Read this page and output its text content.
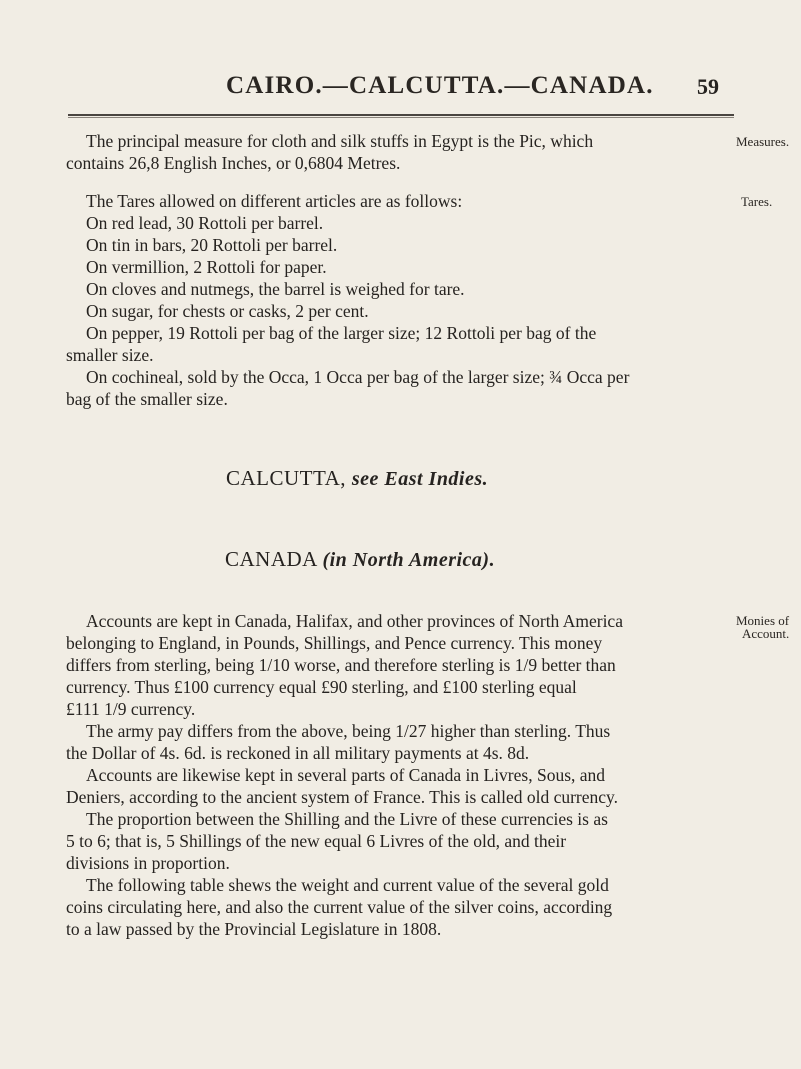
CAIRO.—CALCUTTA.—CANADA. 59
The principal measure for cloth and silk stuffs in Egypt is the Pic, which
contains 26,8 English Inches, or 0,6804 Metres.
Measures.
The Tares allowed on different articles are as follows:
On red lead, 30 Rottoli per barrel.
On tin in bars, 20 Rottoli per barrel.
On vermillion, 2 Rottoli for paper.
On cloves and nutmegs, the barrel is weighed for tare.
On sugar, for chests or casks, 2 per cent.
On pepper, 19 Rottoli per bag of the larger size; 12 Rottoli per bag of the
smaller size.
On cochineal, sold by the Occa, 1 Occa per bag of the larger size; ¾ Occa per
bag of the smaller size.
Tares.
CALCUTTA, see East Indies.
CANADA (in North America).
Accounts are kept in Canada, Halifax, and other provinces of North America
belonging to England, in Pounds, Shillings, and Pence currency. This money
differs from sterling, being 1/10 worse, and therefore sterling is 1/9 better than
currency. Thus £100 currency equal £90 sterling, and £100 sterling equal
£111 1/9 currency.
The army pay differs from the above, being 1/27 higher than sterling. Thus
the Dollar of 4s. 6d. is reckoned in all military payments at 4s. 8d.
Accounts are likewise kept in several parts of Canada in Livres, Sous, and
Deniers, according to the ancient system of France. This is called old currency.
The proportion between the Shilling and the Livre of these currencies is as
5 to 6; that is, 5 Shillings of the new equal 6 Livres of the old, and their
divisions in proportion.
The following table shews the weight and current value of the several gold
coins circulating here, and also the current value of the silver coins, according
to a law passed by the Provincial Legislature in 1808.
Monies of
Account.
